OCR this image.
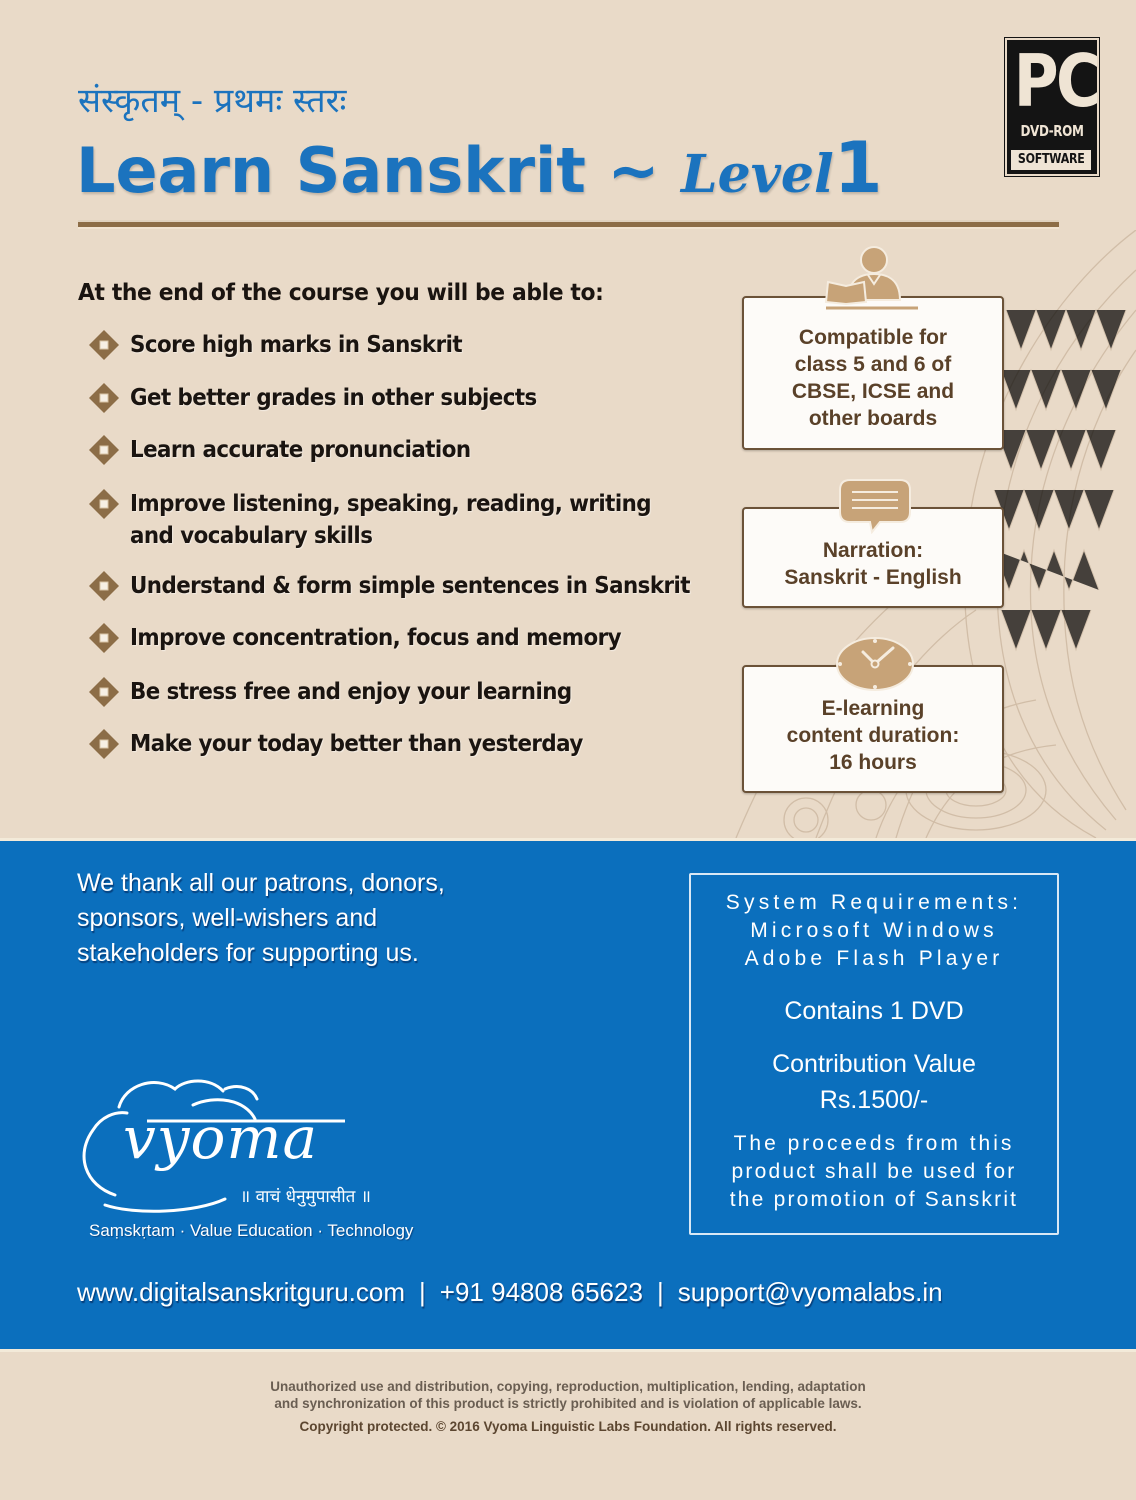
संस्कृतम् - प्रथमः स्तरः
Learn Sanskrit ~ Level1
PC
DVD-ROM
SOFTWARE
At the end of the course you will be able to:
Score high marks in Sanskrit
Get better grades in other subjects
Learn accurate pronunciation
Improve listening, speaking, reading, writing
and vocabulary skills
Understand & form simple sentences in Sanskrit
Improve concentration, focus and memory
Be stress free and enjoy your learning
Make your today better than yesterday
Compatible for
class 5 and 6 of
CBSE, ICSE and
other boards
Narration:
Sanskrit - English
E-learning
content duration:
16 hours
We thank all our patrons, donors,
sponsors, well-wishers and
stakeholders for supporting us.
System Requirements:
Microsoft Windows
Adobe Flash Player
Contains 1 DVD
Contribution Value
Rs.1500/-
The proceeds from this
product shall be used for
the promotion of Sanskrit
vyoma
॥ वाचं धेनुमुपासीत ॥
Saṃskṛtam · Value Education · Technology
www.digitalsanskritguru.com | +91 94808 65623 | support@vyomalabs.in
Unauthorized use and distribution, copying, reproduction, multiplication, lending, adaptation
and synchronization of this product is strictly prohibited and is violation of applicable laws.
Copyright protected. © 2016 Vyoma Linguistic Labs Foundation. All rights reserved.
